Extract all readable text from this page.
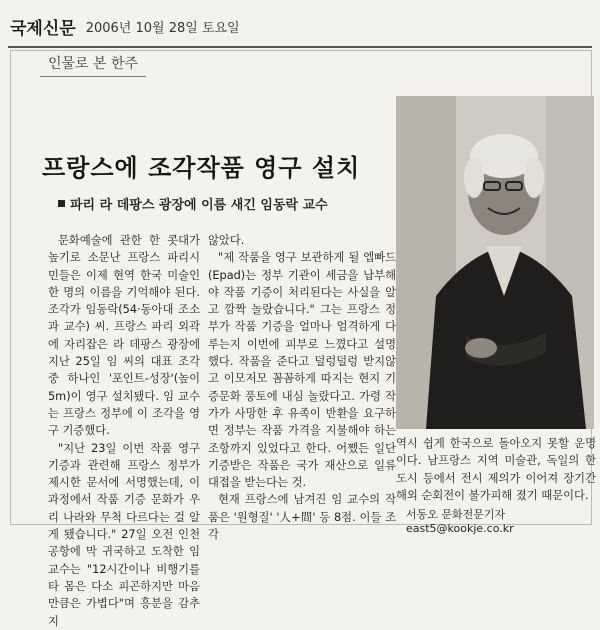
국제신문 2006년 10월 28일 토요일
인물로 본 한주
프랑스에 조각작품 영구 설치
파리 라 데팡스 광장에 이름 새긴 임동락 교수

문화예술에 관한 한 콧대가 높기로 소문난 프랑스 파리시민들은 이제 현역 한국 미술인 한 명의 이름을 기억해야 된다. 조각가 임동락(54·동아대 조소과 교수) 씨. 프랑스 파리 외곽에 자리잡은 라 데팡스 광장에 지난 25일 임 씨의 대표 조각 중 하나인 '포인트-성장'(높이 5m)이 영구 설치됐다. 임 교수는 프랑스 정부에 이 조각을 영구 기증했다.

"지난 23일 이번 작품 영구 기증과 관련해 프랑스 정부가 제시한 문서에 서명했는데, 이 과정에서 작품 기증 문화가 우리 나라와 무척 다르다는 걸 알게 됐습니다." 27일 오전 인천공항에 막 귀국하고 도착한 임 교수는 "12시간이나 비행기를 타 몸은 다소 피곤하지만 마음만큼은 가볍다"며 흥분을 감추지

않았다.

"제 작품을 영구 보관하게 될 엡빠드(Epad)는 정부 기관이 세금을 납부해야 작품 기증이 처리된다는 사실을 알고 깜짝 놀랐습니다." 그는 프랑스 정부가 작품 기증을 얼마나 엄격하게 다루는지 이번에 피부로 느꼈다고 설명했다. 작품을 준다고 덜렁덜렁 받지않고 이모저모 꼼꼼하게 따지는 현지 기증문화 풍토에 내심 놀랐다고. 가령 작가가 사망한 후 유족이 반환을 요구하면 정부는 작품 가격을 지불해야 하는 조항까지 있었다고 한다. 어쨌든 일단 기증받은 작품은 국가 재산으로 일류 대접을 받는다는 것.

현재 프랑스에 남겨진 임 교수의 작품은 '원형질' '人+間' 등 8점. 이들 조각

역시 쉽게 한국으로 돌아오지 못할 운명이다. 남프랑스 지역 미술관, 독일의 한 도시 등에서 전시 제의가 이어져 장기간 해외 순회전이 불가피해 졌기 때문이다.

서동오 문화전문기자 east5@kookje.co.kr
